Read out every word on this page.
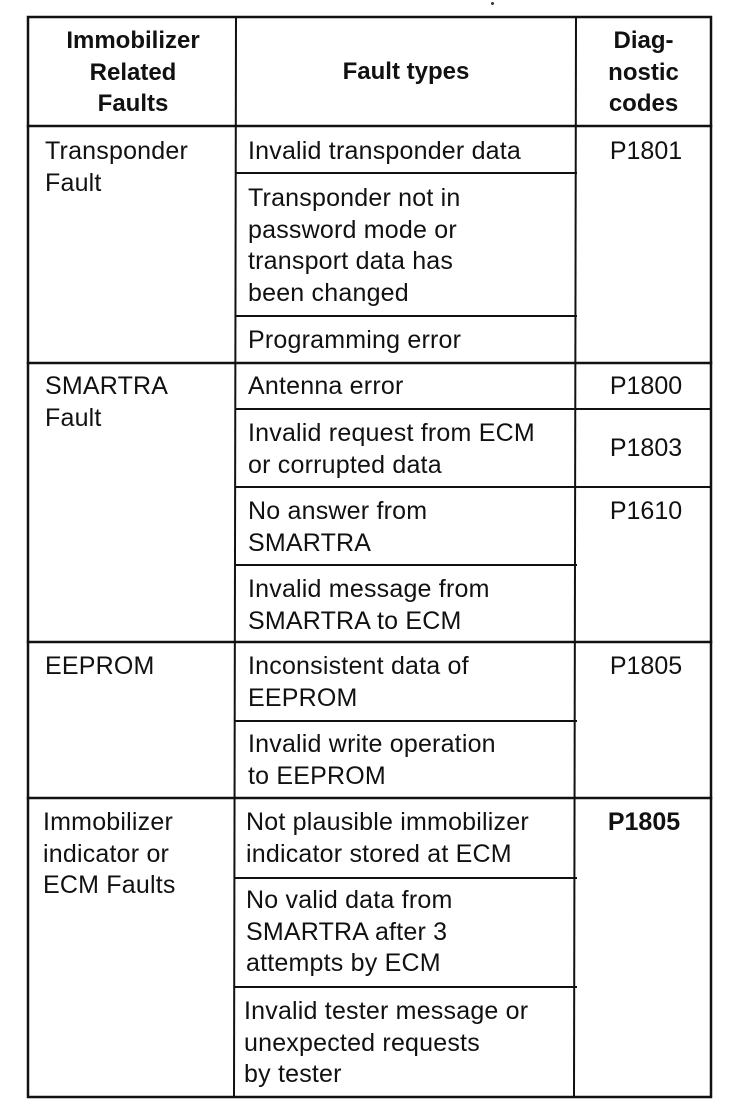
Immobilizer
Related
Faults
Fault types
Diag-
nostic
codes
Transponder
Fault
Invalid transponder data
Transponder not in
password mode or
transport data has
been changed
Programming error
P1801
SMARTRA
Fault
Antenna error
Invalid request from ECM
or corrupted data
No answer from
SMARTRA
Invalid message from
SMARTRA to ECM
P1800
P1803
P1610
EEPROM	Inconsistent data of
EEPROM
Invalid write operation
to EEPROM
P1805
Immobilizer
indicator or
ECM Faults
Not plausible immobilizer
indicator stored at ECM
No valid data from
SMARTRA after 3
attempts by ECM
Invalid tester message or
unexpected requests
by tester
P1805
